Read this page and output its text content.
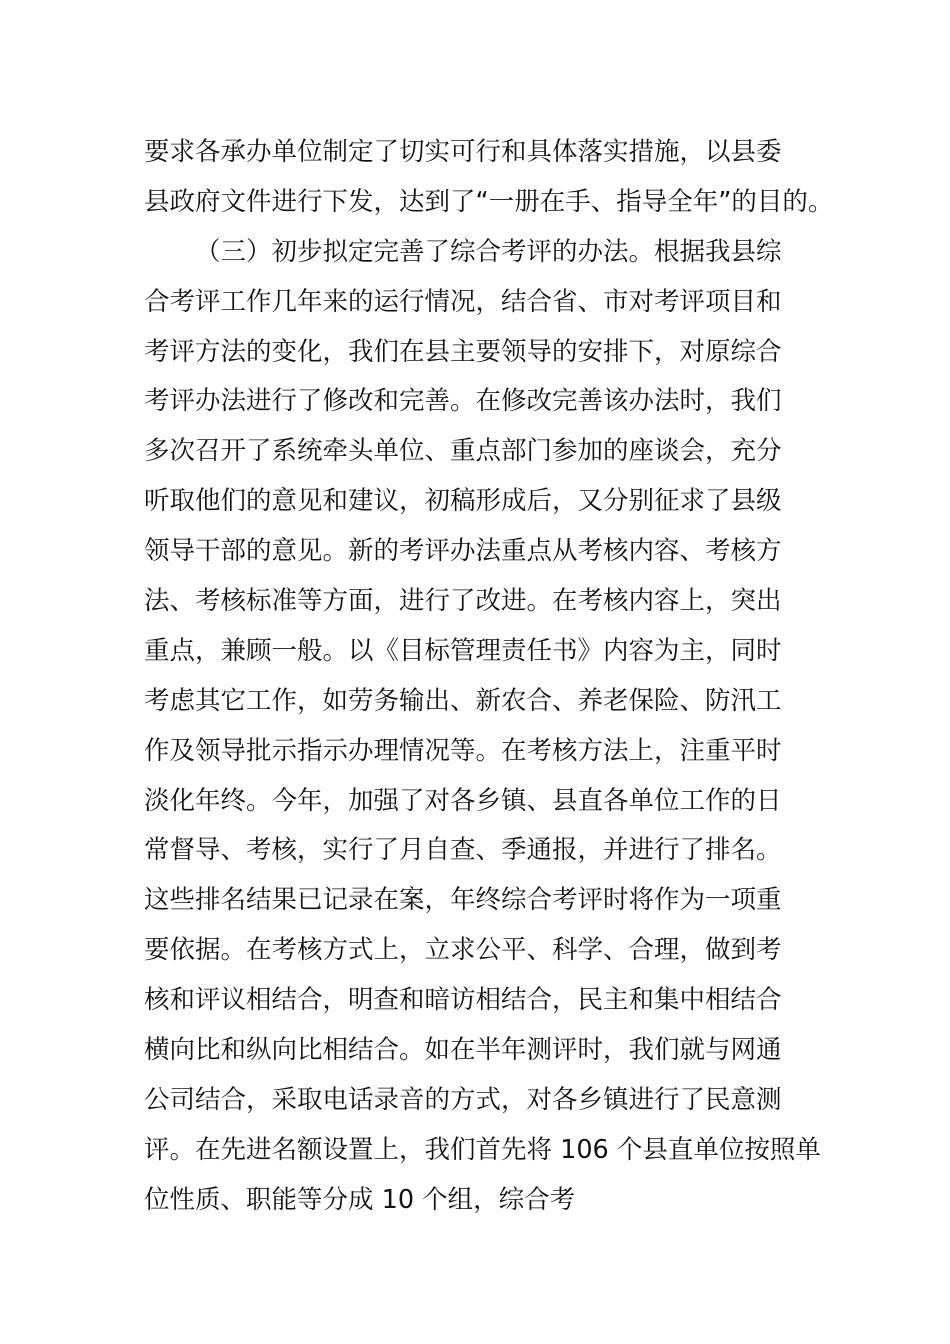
要求各承办单位制定了切实可行和具体落实措施，以县委
县政府文件进行下发，达到了“一册在手、指导全年”的目的。
（三）初步拟定完善了综合考评的办法。根据我县综
合考评工作几年来的运行情况，结合省、市对考评项目和
考评方法的变化，我们在县主要领导的安排下，对原综合
考评办法进行了修改和完善。在修改完善该办法时，我们
多次召开了系统牵头单位、重点部门参加的座谈会，充分
听取他们的意见和建议，初稿形成后，又分别征求了县级
领导干部的意见。新的考评办法重点从考核内容、考核方
法、考核标准等方面，进行了改进。在考核内容上，突出
重点，兼顾一般。以《目标管理责任书》内容为主，同时
考虑其它工作，如劳务输出、新农合、养老保险、防汛工
作及领导批示指示办理情况等。在考核方法上，注重平时
淡化年终。今年，加强了对各乡镇、县直各单位工作的日
常督导、考核，实行了月自查、季通报，并进行了排名。
这些排名结果已记录在案，年终综合考评时将作为一项重
要依据。在考核方式上，立求公平、科学、合理，做到考
核和评议相结合，明查和暗访相结合，民主和集中相结合
横向比和纵向比相结合。如在半年测评时，我们就与网通
公司结合，采取电话录音的方式，对各乡镇进行了民意测
评。在先进名额设置上，我们首先将 106 个县直单位按照单
位性质、职能等分成 10 个组，综合考
